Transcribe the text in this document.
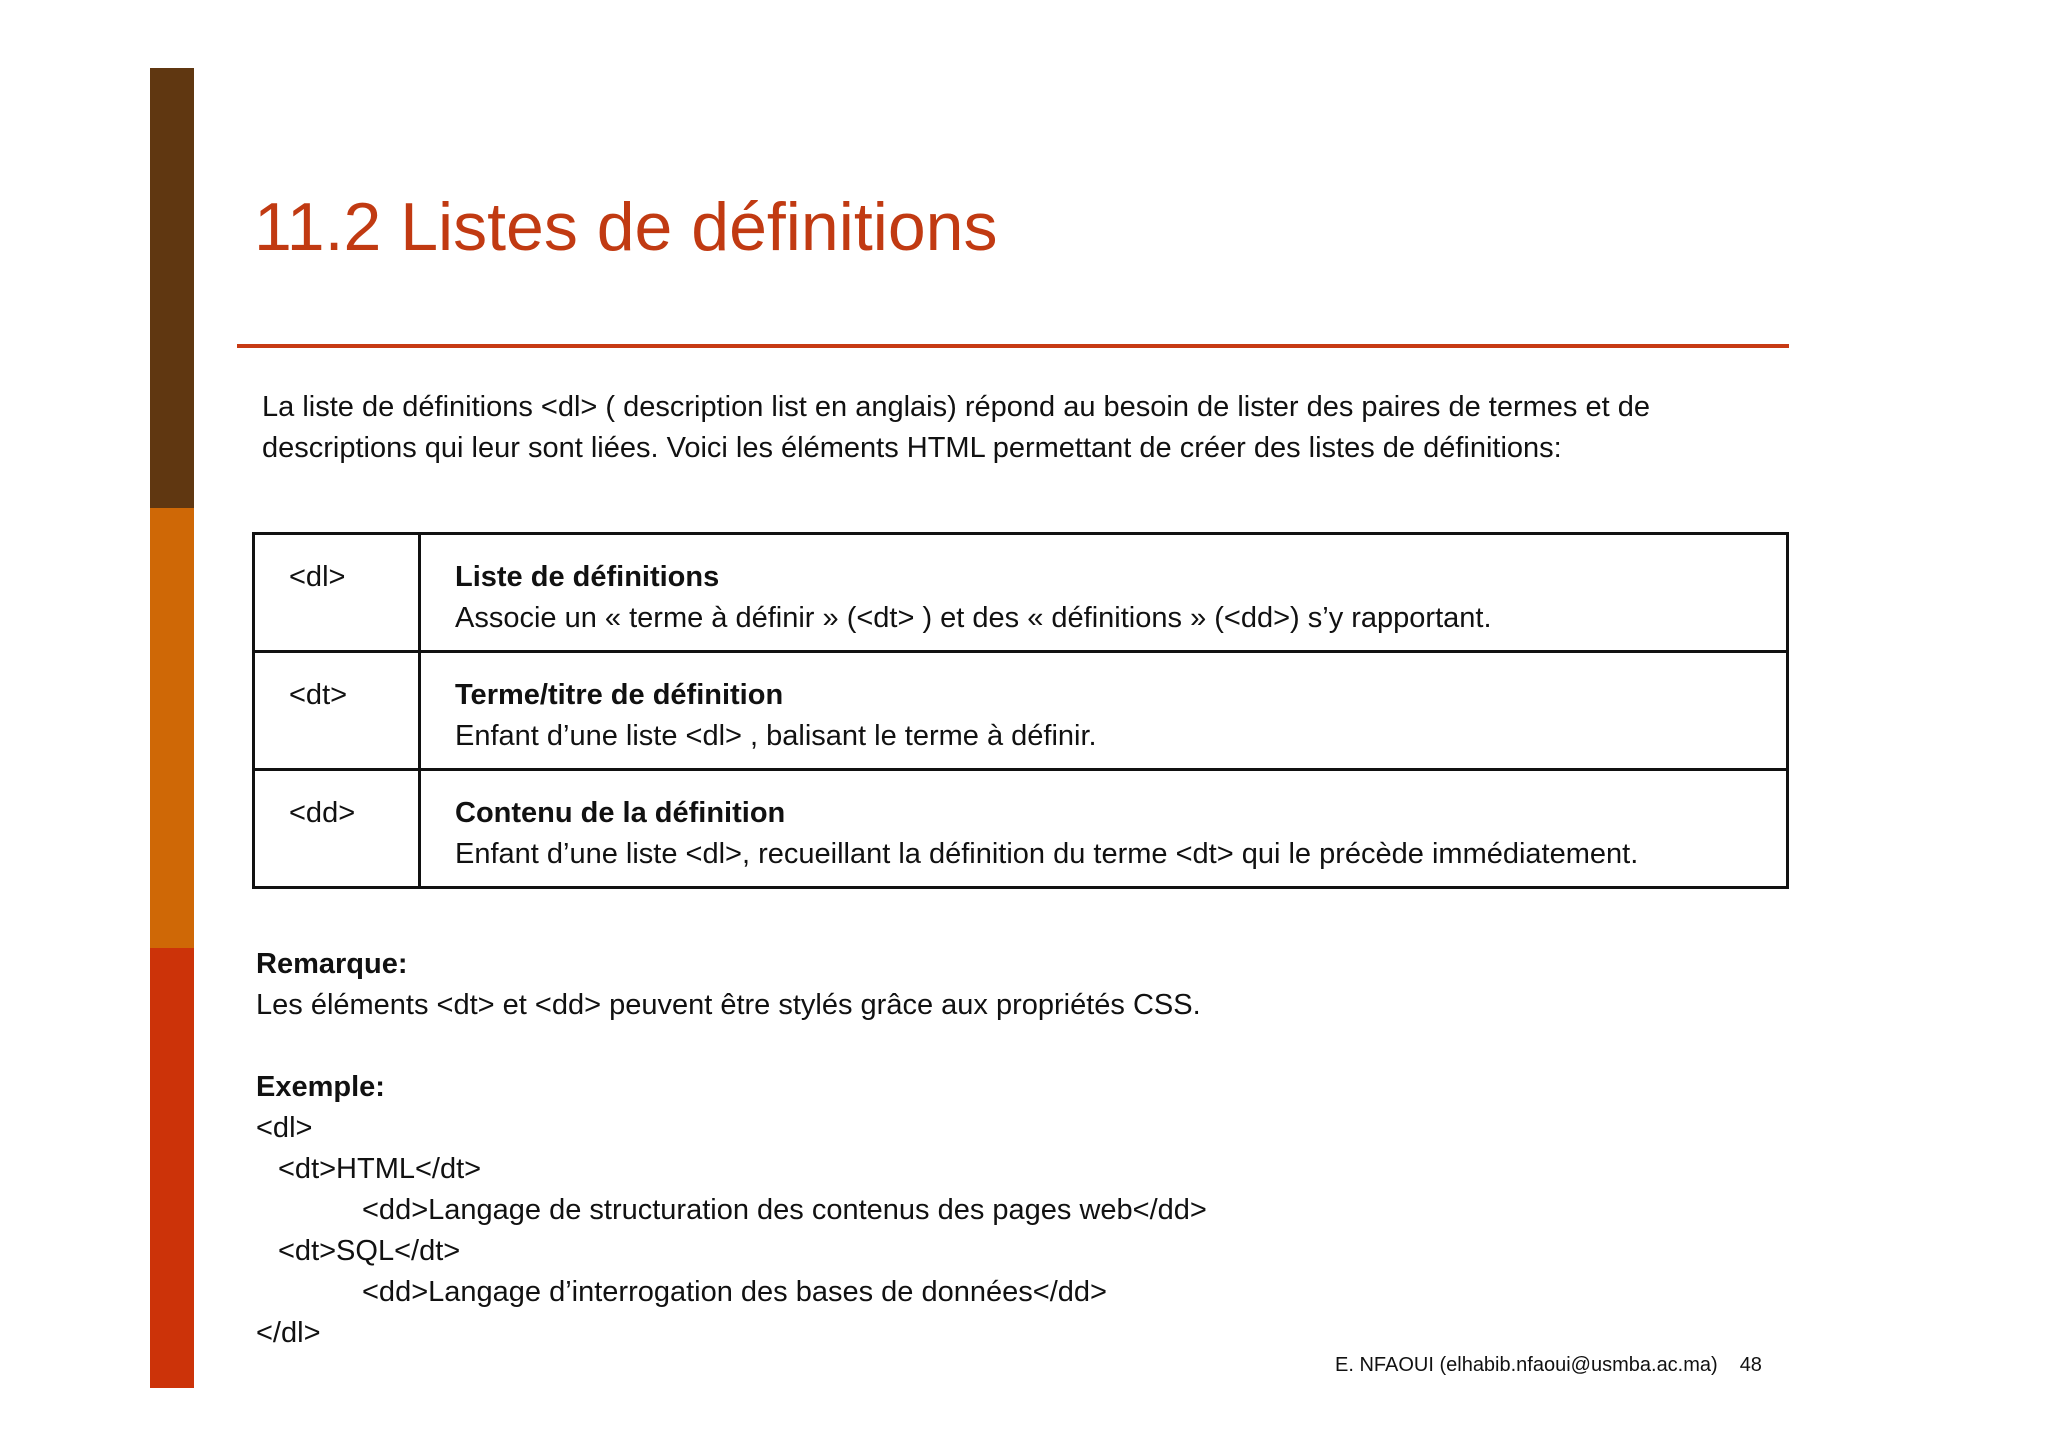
11.2 Listes de définitions
La liste de définitions <dl> ( description list en anglais) répond au besoin de lister des paires de termes et de
descriptions qui leur sont liées. Voici les éléments HTML permettant de créer des listes de définitions:
<dl>	Liste de définitions
Associe un « terme à définir » (<dt> ) et des « définitions » (<dd>) s’y rapportant.

<dt>	Terme/titre de définition
Enfant d’une liste <dl> , balisant le terme à définir.

<dd>	Contenu de la définition
Enfant d’une liste <dl>, recueillant la définition du terme <dt> qui le précède immédiatement.
Remarque:
Les éléments <dt> et <dd> peuvent être stylés grâce aux propriétés CSS.
Exemple:
<dl>
<dt>HTML</dt>
<dd>Langage de structuration des contenus des pages web</dd>
<dt>SQL</dt>
<dd>Langage d’interrogation des bases de données</dd>
</dl>
E. NFAOUI (elhabib.nfaoui@usmba.ac.ma) 48
